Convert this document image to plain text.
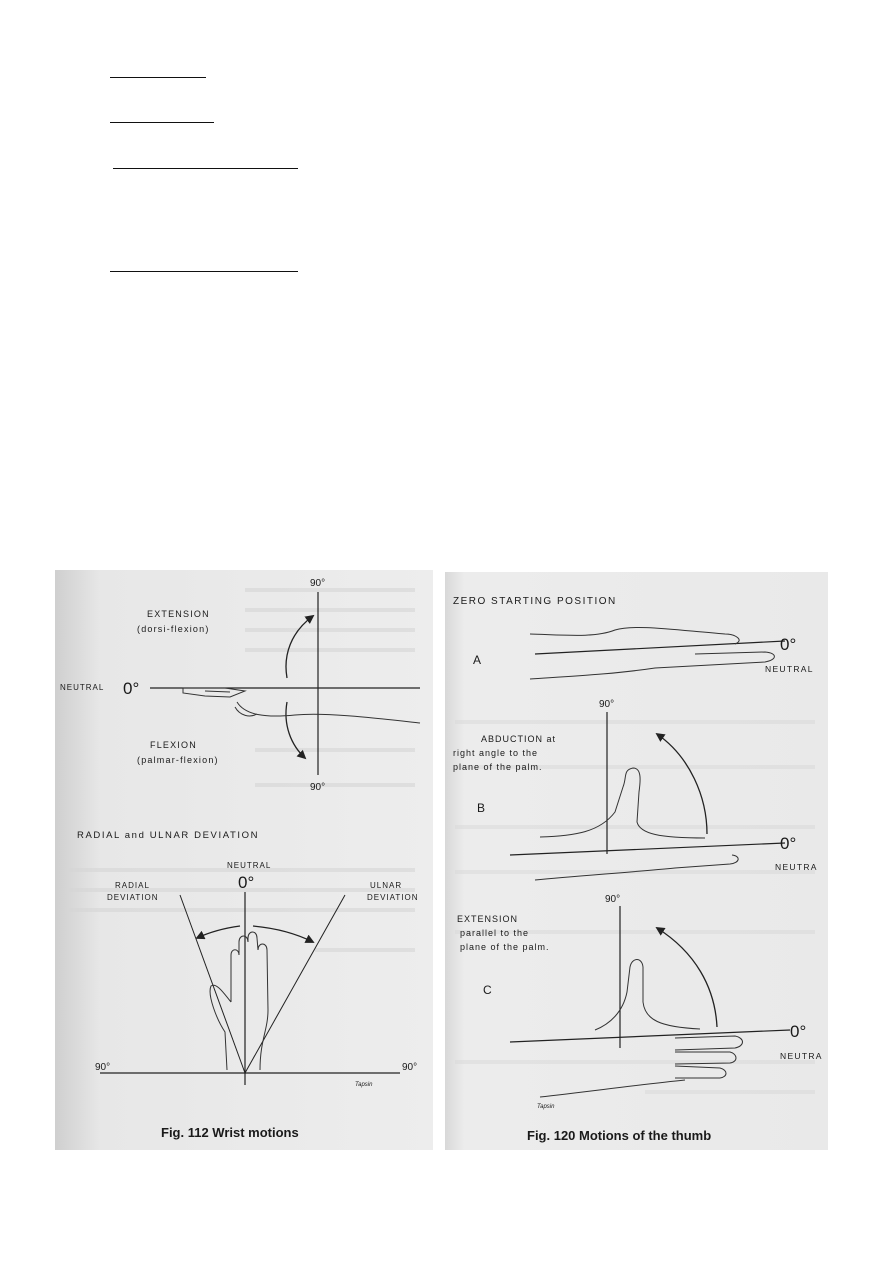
90°
90°
EXTENSION
(dorsi-flexion)
NEUTRAL 0°
FLEXION
(palmar-flexion)
RADIAL and ULNAR DEVIATION
NEUTRAL
0°
RADIAL
DEVIATION
ULNAR
DEVIATION
90°	90°
Tapsin
Fig. 112 Wrist motions
ZERO STARTING POSITION
A
0°
NEUTRAL
90°
ABDUCTION at
right angle to the
plane of the palm.
B
0°
NEUTRA
90°
EXTENSION
parallel to the
plane of the palm.
C
0°
NEUTRA
Tapsin
Fig. 120 Motions of the thumb
